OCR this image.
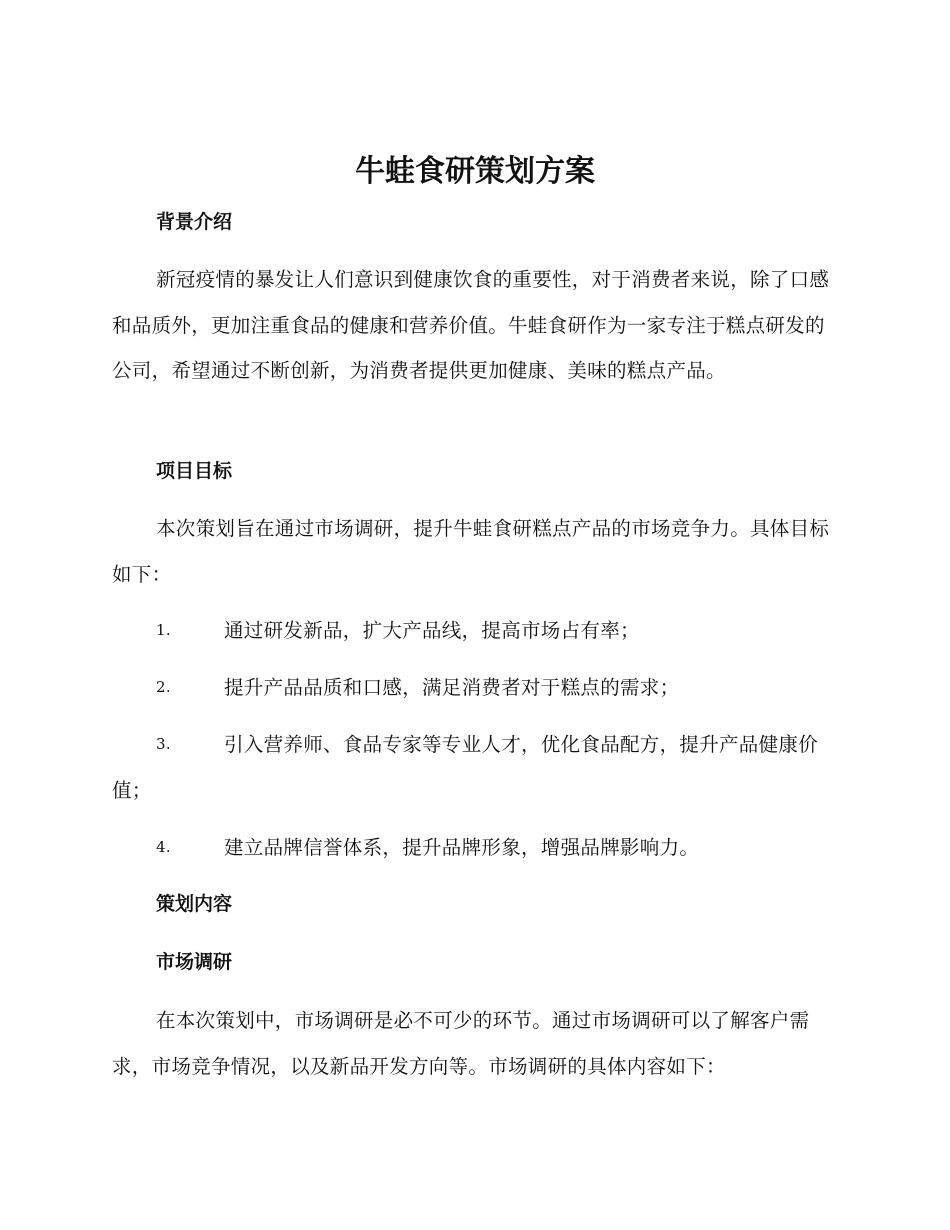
牛蛙食研策划方案
背景介绍

新冠疫情的暴发让人们意识到健康饮食的重要性，对于消费者来说，除了口感和品质外，更加注重食品的健康和营养价值。牛蛙食研作为一家专注于糕点研发的公司，希望通过不断创新，为消费者提供更加健康、美味的糕点产品。

项目目标

本次策划旨在通过市场调研，提升牛蛙食研糕点产品的市场竞争力。具体目标如下：

1.	通过研发新品，扩大产品线，提高市场占有率；
2.	提升产品品质和口感，满足消费者对于糕点的需求；
3.	引入营养师、食品专家等专业人才，优化食品配方，提升产品健康价值；
4.	建立品牌信誉体系，提升品牌形象，增强品牌影响力。
策划内容
市场调研

在本次策划中，市场调研是必不可少的环节。通过市场调研可以了解客户需求，市场竞争情况，以及新品开发方向等。市场调研的具体内容如下：
